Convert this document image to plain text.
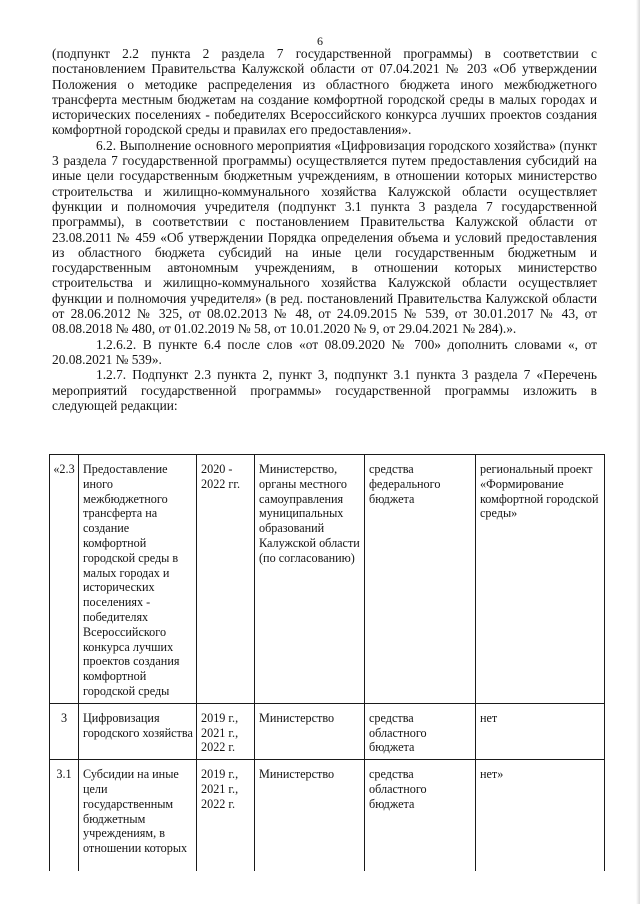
6

(подпункт 2.2 пункта 2 раздела 7 государственной программы) в соответствии с постановлением Правительства Калужской области от 07.04.2021 № 203 «Об утверждении Положения о методике распределения из областного бюджета иного межбюджетного трансферта местным бюджетам на создание комфортной городской среды в малых городах и исторических поселениях - победителях Всероссийского конкурса лучших проектов создания комфортной городской среды и правилах его предоставления».

6.2. Выполнение основного мероприятия «Цифровизация городского хозяйства» (пункт 3 раздела 7 государственной программы) осуществляется путем предоставления субсидий на иные цели государственным бюджетным учреждениям, в отношении которых министерство строительства и жилищно-коммунального хозяйства Калужской области осуществляет функции и полномочия учредителя (подпункт 3.1 пункта 3 раздела 7 государственной программы), в соответствии с постановлением Правительства Калужской области от 23.08.2011 № 459 «Об утверждении Порядка определения объема и условий предоставления из областного бюджета субсидий на иные цели государственным бюджетным и государственным автономным учреждениям, в отношении которых министерство строительства и жилищно-коммунального хозяйства Калужской области осуществляет функции и полномочия учредителя» (в ред. постановлений Правительства Калужской области от 28.06.2012 № 325, от 08.02.2013 № 48, от 24.09.2015 № 539, от 30.01.2017 № 43, от 08.08.2018 № 480, от 01.02.2019 № 58, от 10.01.2020 № 9, от 29.04.2021 № 284).».

1.2.6.2. В пункте 6.4 после слов «от 08.09.2020 № 700» дополнить словами «, от 20.08.2021 № 539».

1.2.7. Подпункт 2.3 пункта 2, пункт 3, подпункт 3.1 пункта 3 раздела 7 «Перечень мероприятий государственной программы» государственной программы изложить в следующей редакции:

«2.3	Предоставление иного межбюджетного трансферта на создание комфортной городской среды в малых городах и исторических поселениях - победителях Всероссийского конкурса лучших проектов создания комфортной городской среды	2020 - 2022 гг.	Министерство, органы местного самоуправления муниципальных образований Калужской области (по согласованию)	средства федерального бюджета	региональный проект «Формирование комфортной городской среды»
3	Цифровизация городского хозяйства	2019 г., 2021 г., 2022 г.	Министерство	средства областного бюджета	нет
3.1	Субсидии на иные цели государственным бюджетным учреждениям, в отношении которых	2019 г., 2021 г., 2022 г.	Министерство	средства областного бюджета	нет»
